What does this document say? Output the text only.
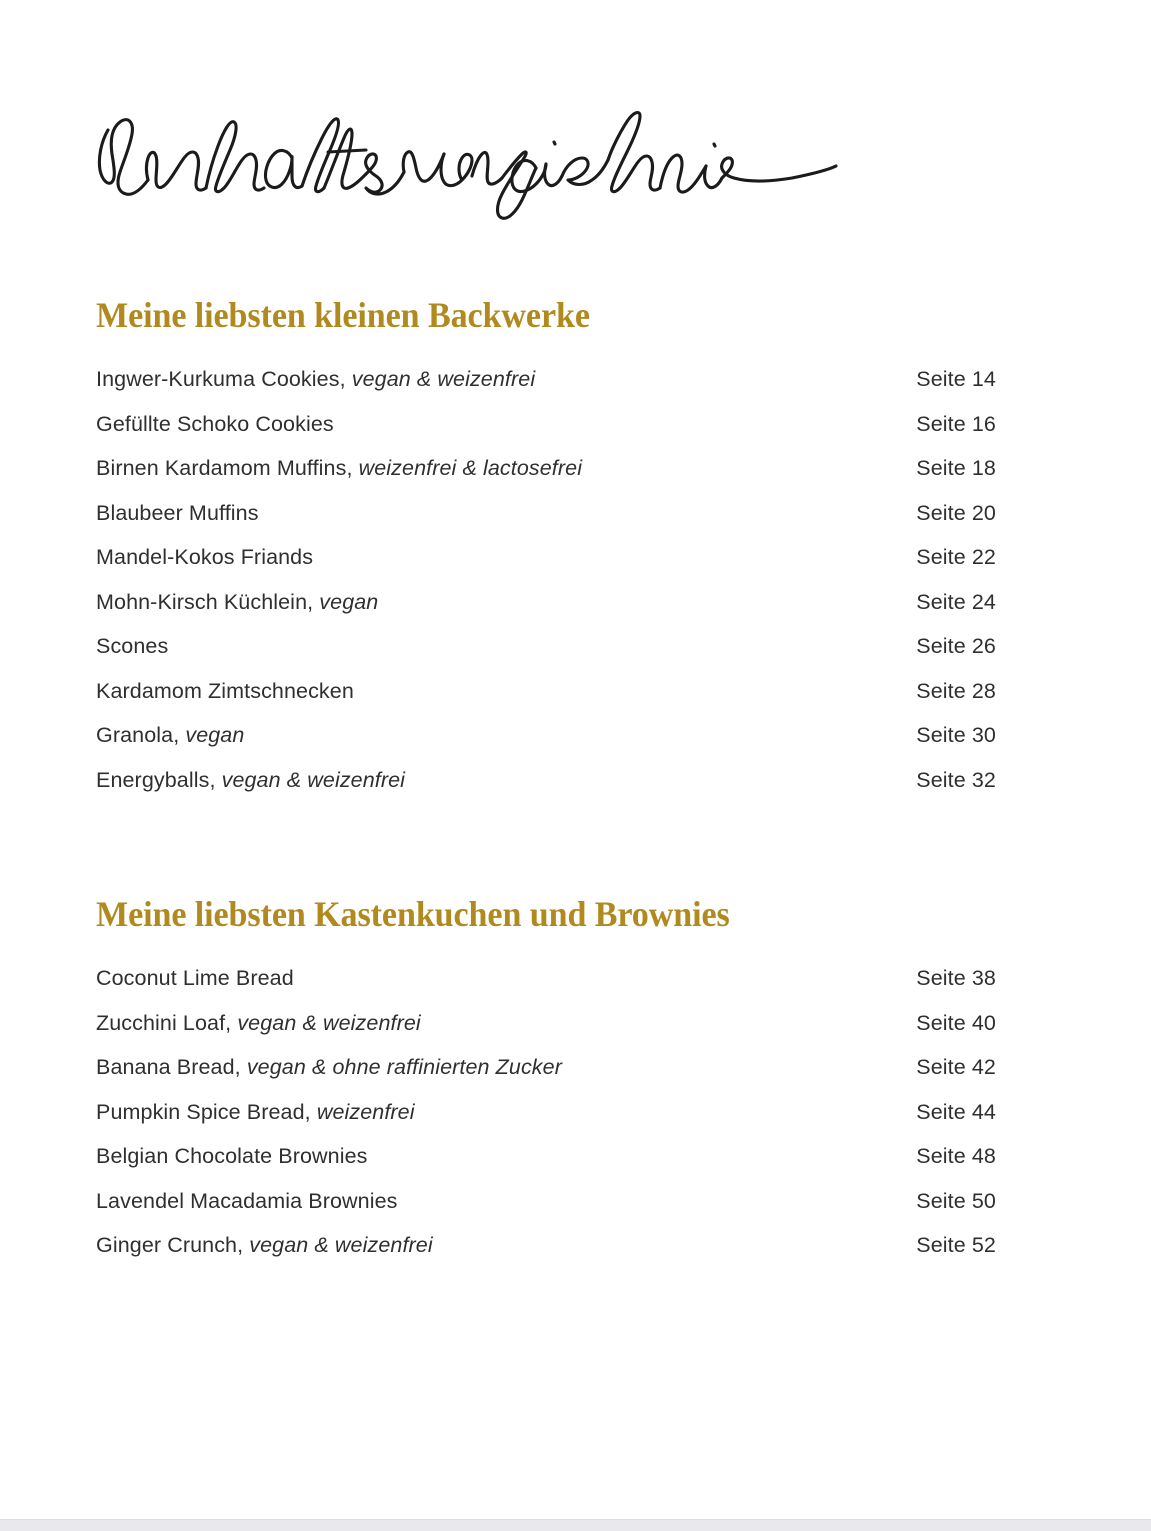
Meine liebsten kleinen Backwerke
Ingwer-Kurkuma Cookies, vegan & weizenfrei	Seite 14
Gefüllte Schoko Cookies	Seite 16
Birnen Kardamom Muffins, weizenfrei & lactosefrei	Seite 18
Blaubeer Muffins	Seite 20
Mandel-Kokos Friands	Seite 22
Mohn-Kirsch Küchlein, vegan	Seite 24
Scones	Seite 26
Kardamom Zimtschnecken	Seite 28
Granola, vegan	Seite 30
Energyballs, vegan & weizenfrei	Seite 32
Meine liebsten Kastenkuchen und Brownies
Coconut Lime Bread	Seite 38
Zucchini Loaf, vegan & weizenfrei	Seite 40
Banana Bread, vegan & ohne raffinierten Zucker	Seite 42
Pumpkin Spice Bread, weizenfrei	Seite 44
Belgian Chocolate Brownies	Seite 48
Lavendel Macadamia Brownies	Seite 50
Ginger Crunch, vegan & weizenfrei	Seite 52
